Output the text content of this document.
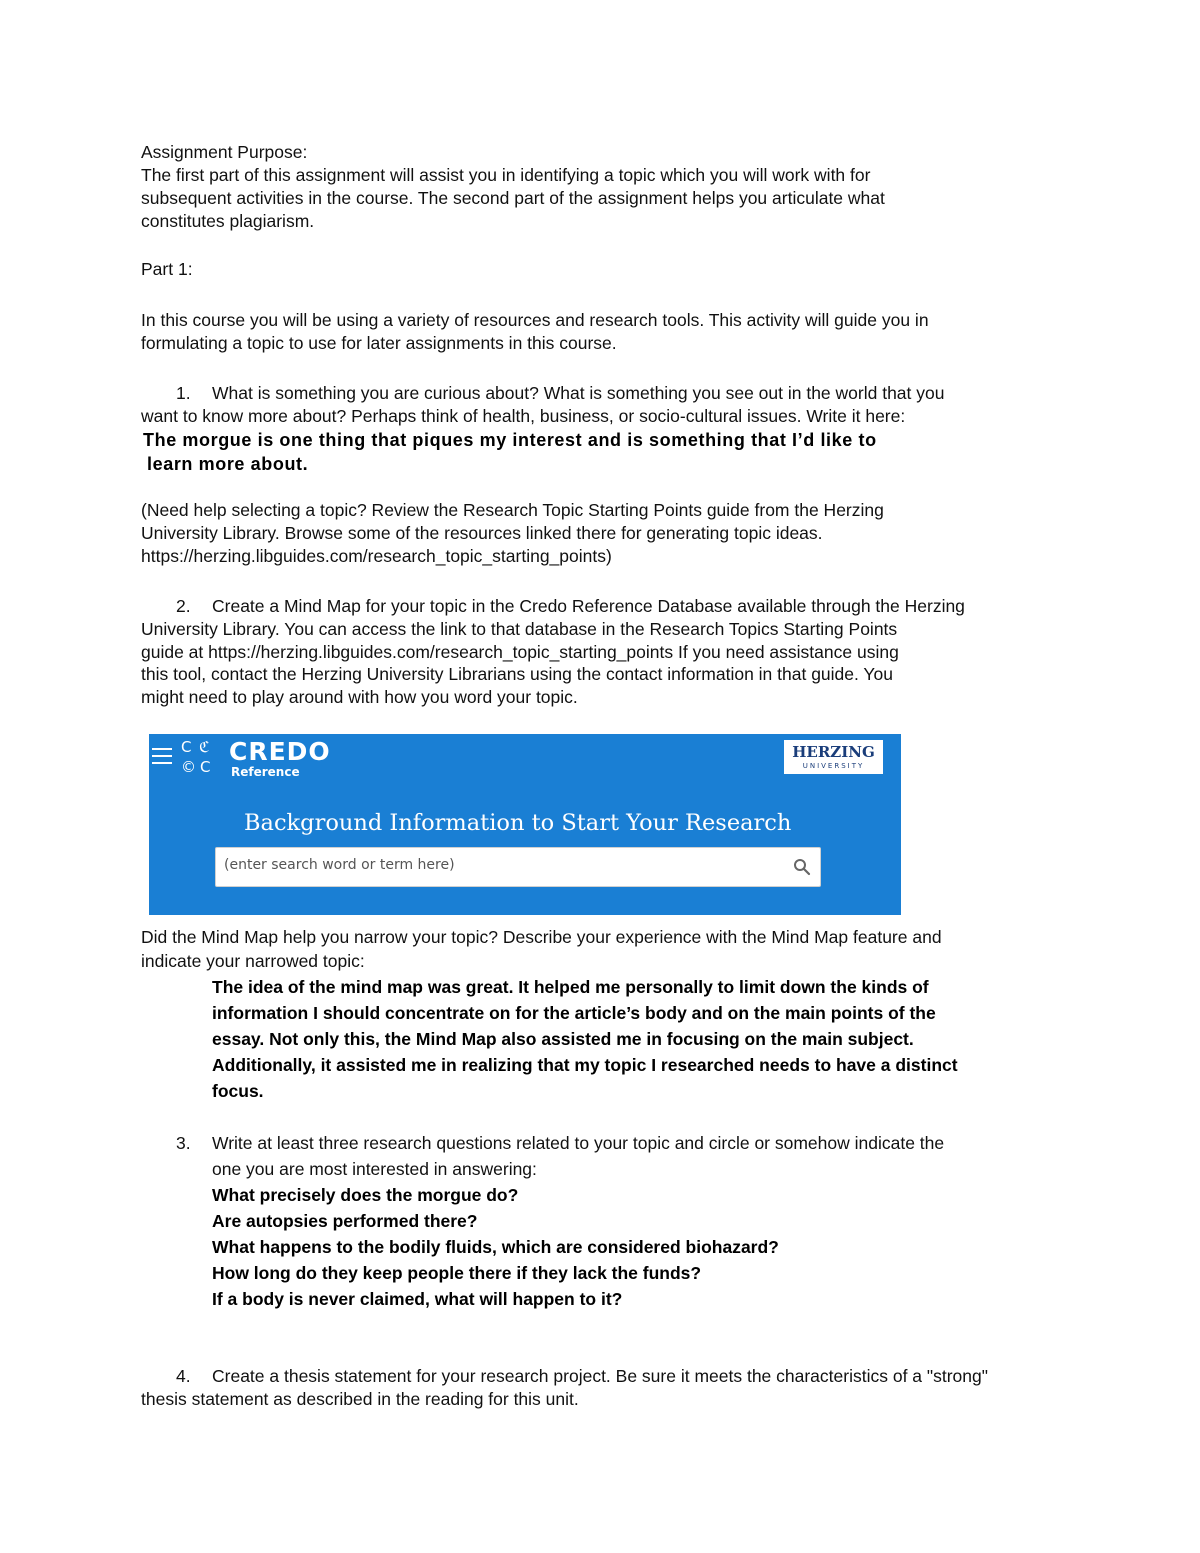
Assignment Purpose:

The first part of this assignment will assist you in identifying a topic which you will work with for

subsequent activities in the course. The second part of the assignment helps you articulate what

constitutes plagiarism.

Part 1:

In this course you will be using a variety of resources and research tools. This activity will guide you in

formulating a topic to use for later assignments in this course.

1. What is something you are curious about? What is something you see out in the world that you

want to know more about? Perhaps think of health, business, or socio-cultural issues. Write it here:

The morgue is one thing that piques my interest and is something that I’d like to

learn more about.

(Need help selecting a topic? Review the Research Topic Starting Points guide from the Herzing

University Library. Browse some of the resources linked there for generating topic ideas.

https://herzing.libguides.com/research_topic_starting_points)

2. Create a Mind Map for your topic in the Credo Reference Database available through the Herzing

University Library. You can access the link to that database in the Research Topics Starting Points

guide at https://herzing.libguides.com/research_topic_starting_points If you need assistance using

this tool, contact the Herzing University Librarians using the contact information in that guide. You

might need to play around with how you word your topic.

C ℭ
© C
CREDO
Reference
HERZING
UNIVERSITY
Background Information to Start Your Research
(enter search word or term here)

Did the Mind Map help you narrow your topic? Describe your experience with the Mind Map feature and

indicate your narrowed topic:

The idea of the mind map was great. It helped me personally to limit down the kinds of

information I should concentrate on for the article’s body and on the main points of the

essay. Not only this, the Mind Map also assisted me in focusing on the main subject.

Additionally, it assisted me in realizing that my topic I researched needs to have a distinct

focus.

3. Write at least three research questions related to your topic and circle or somehow indicate the

one you are most interested in answering:

What precisely does the morgue do?

Are autopsies performed there?

What happens to the bodily fluids, which are considered biohazard?

How long do they keep people there if they lack the funds?

If a body is never claimed, what will happen to it?

4. Create a thesis statement for your research project. Be sure it meets the characteristics of a "strong"

thesis statement as described in the reading for this unit.
